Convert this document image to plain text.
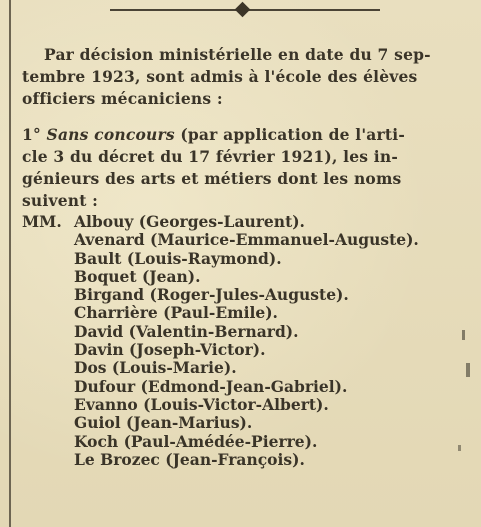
Par décision ministérielle en date du 7 sep-
tembre 1923, sont admis à l'école des élèves
officiers mécaniciens :
1° Sans concours (par application de l'arti-
cle 3 du décret du 17 février 1921), les in-
génieurs des arts et métiers dont les noms
suivent :
MM. Albouy (Georges-Laurent).
Avenard (Maurice-Emmanuel-Auguste).
Bault (Louis-Raymond).
Boquet (Jean).
Birgand (Roger-Jules-Auguste).
Charrière (Paul-Emile).
David (Valentin-Bernard).
Davin (Joseph-Victor).
Dos (Louis-Marie).
Dufour (Edmond-Jean-Gabriel).
Evanno (Louis-Victor-Albert).
Guiol (Jean-Marius).
Koch (Paul-Amédée-Pierre).
Le Brozec (Jean-François).
